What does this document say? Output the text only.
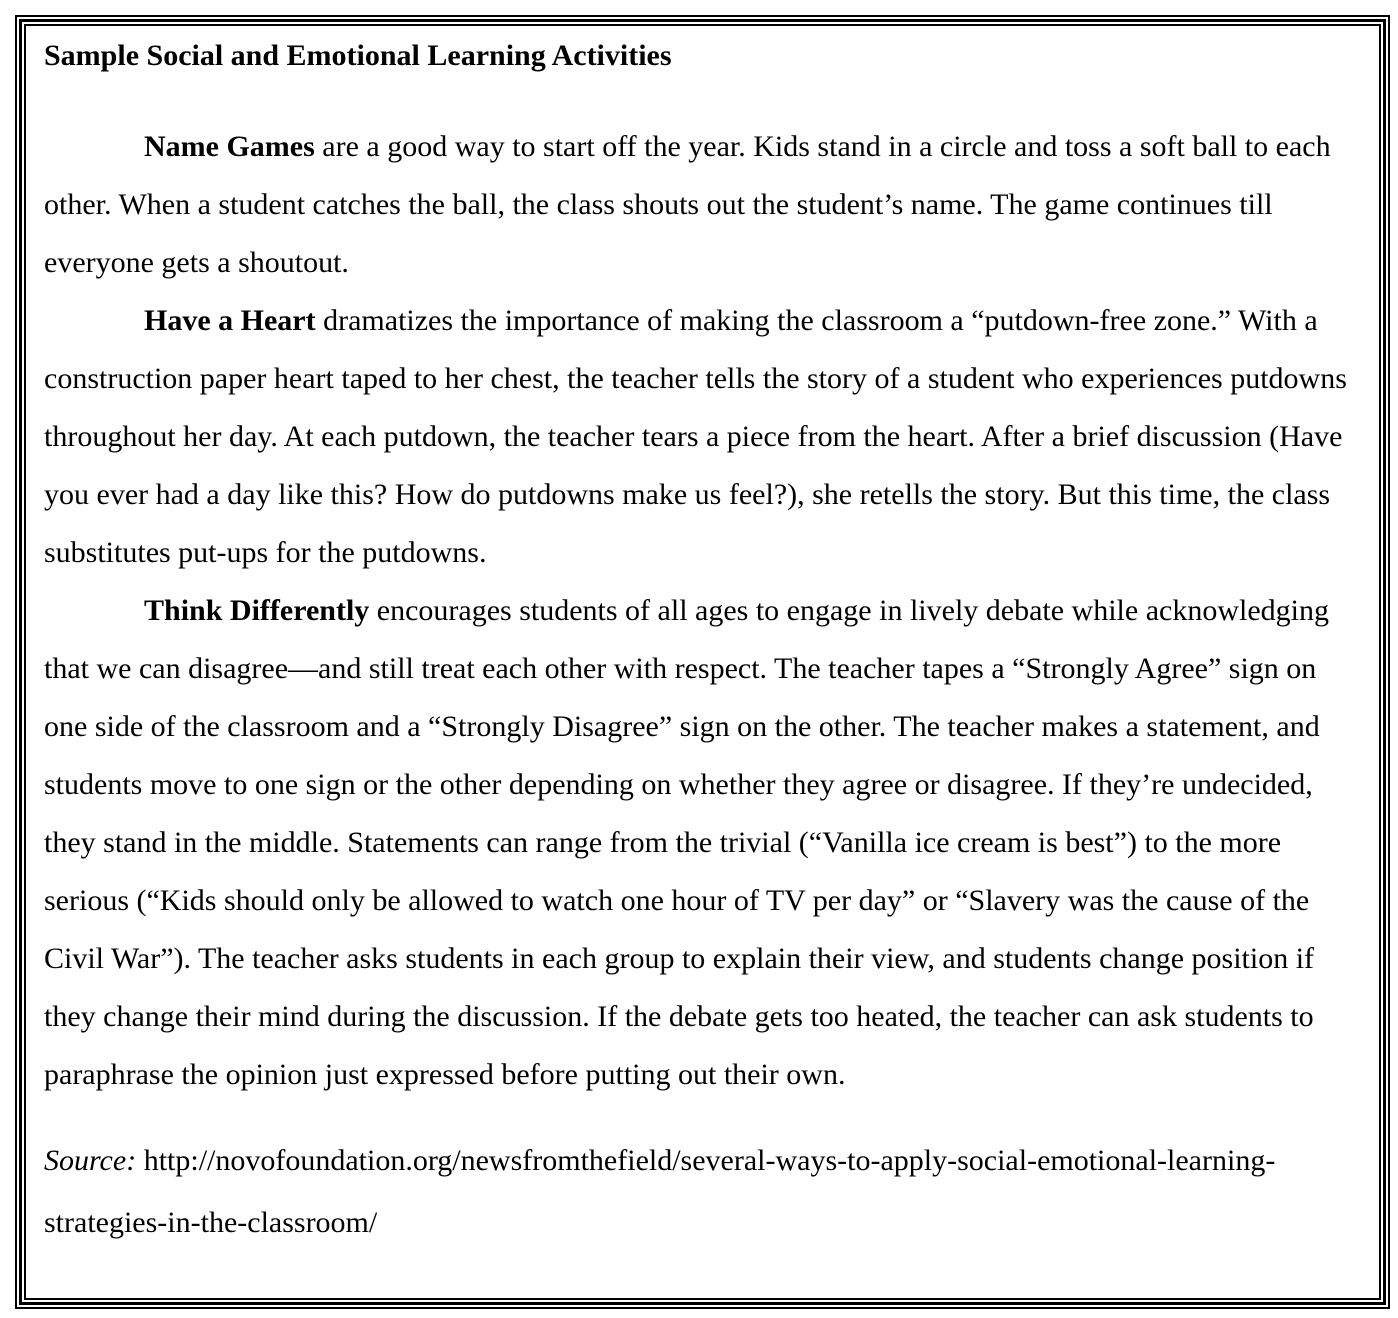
Sample Social and Emotional Learning Activities

Name Games are a good way to start off the year. Kids stand in a circle and toss a soft ball to each other. When a student catches the ball, the class shouts out the student’s name. The game continues till everyone gets a shoutout.

Have a Heart dramatizes the importance of making the classroom a “putdown-free zone.” With a construction paper heart taped to her chest, the teacher tells the story of a student who experiences putdowns throughout her day. At each putdown, the teacher tears a piece from the heart. After a brief discussion (Have you ever had a day like this? How do putdowns make us feel?), she retells the story. But this time, the class substitutes put-ups for the putdowns.

Think Differently encourages students of all ages to engage in lively debate while acknowledging that we can disagree—and still treat each other with respect. The teacher tapes a “Strongly Agree” sign on one side of the classroom and a “Strongly Disagree” sign on the other. The teacher makes a statement, and students move to one sign or the other depending on whether they agree or disagree. If they’re undecided, they stand in the middle. Statements can range from the trivial (“Vanilla ice cream is best”) to the more serious (“Kids should only be allowed to watch one hour of TV per day” or “Slavery was the cause of the Civil War”). The teacher asks students in each group to explain their view, and students change position if they change their mind during the discussion. If the debate gets too heated, the teacher can ask students to paraphrase the opinion just expressed before putting out their own.

Source: http://novofoundation.org/newsfromthefield/several-ways-to-apply-social-emotional-learning-strategies-in-the-classroom/
